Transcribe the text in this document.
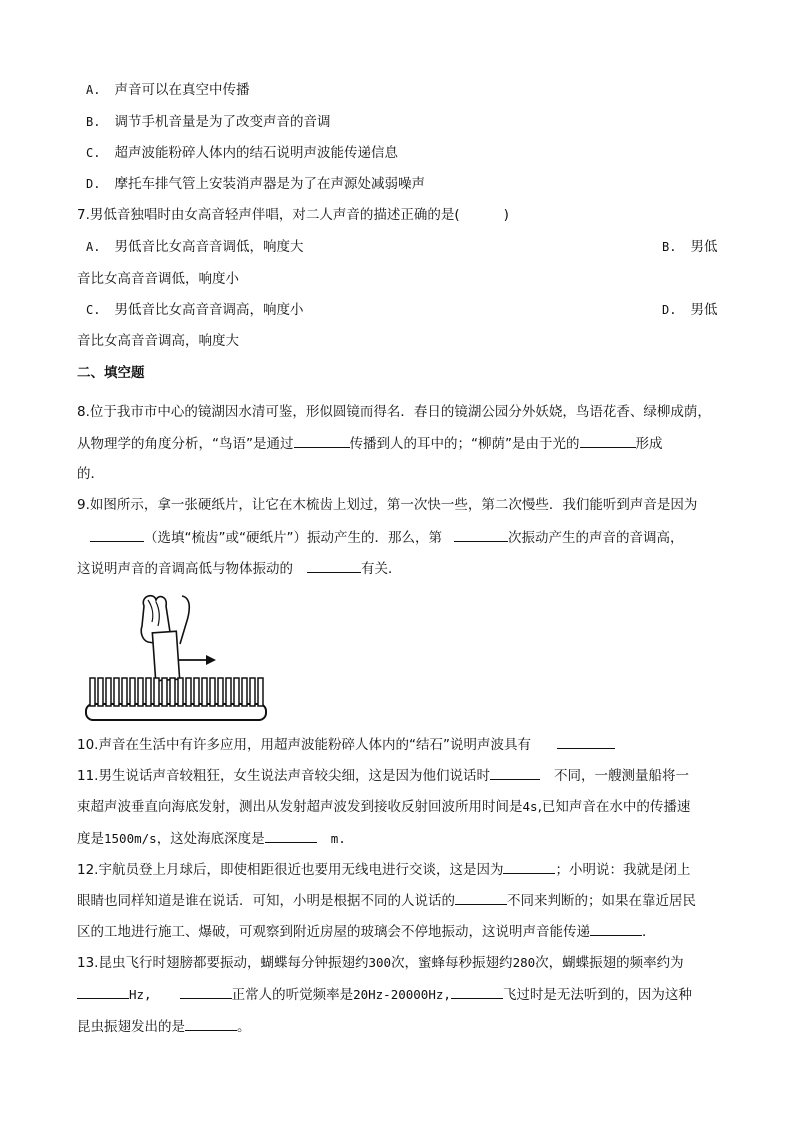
A. 声音可以在真空中传播
B. 调节手机音量是为了改变声音的音调
C. 超声波能粉碎人体内的结石说明声波能传递信息
D. 摩托车排气管上安装消声器是为了在声源处减弱噪声
7.男低音独唱时由女高音轻声伴唱，对二人声音的描述正确的是(	)
A. 男低音比女高音音调低，响度大	B. 男低
音比女高音音调低，响度小
C. 男低音比女高音音调高，响度小	D. 男低
音比女高音音调高，响度大
二、填空题
8.位于我市市中心的镜湖因水清可鉴，形似圆镜而得名．春日的镜湖公园分外妖娆，鸟语花香、绿柳成荫，
从物理学的角度分析，“鸟语”是通过	传播到人的耳中的；“柳荫”是由于光的	形成
的．
9.如图所示，拿一张硬纸片，让它在木梳齿上划过，第一次快一些，第二次慢些．我们能听到声音是因为
（选填“梳齿”或“硬纸片”）振动产生的．那么，第	次振动产生的声音的音调高，
这说明声音的音调高低与物体振动的	有关．
10.声音在生活中有许多应用，用超声波能粉碎人体内的“结石”说明声波具有
11.男生说话声音较粗狂，女生说法声音较尖细，这是因为他们说话时	不同，一艘测量船将一
束超声波垂直向海底发射，测出从发射超声波发到接收反射回波所用时间是4s,已知声音在水中的传播速
度是1500m/s，这处海底深度是	m.
12.宇航员登上月球后，即使相距很近也要用无线电进行交谈，这是因为	；小明说：我就是闭上
眼睛也同样知道是谁在说话．可知，小明是根据不同的人说话的	不同来判断的；如果在靠近居民
区的工地进行施工、爆破，可观察到附近房屋的玻璃会不停地振动，这说明声音能传递	．
13.昆虫飞行时翅膀都要振动，蝴蝶每分钟振翅约300次，蜜蜂每秒振翅约280次，蝴蝶振翅的频率约为
Hz,	正常人的听觉频率是20Hz-20000Hz,	飞过时是无法听到的，因为这种
昆虫振翅发出的是	。
